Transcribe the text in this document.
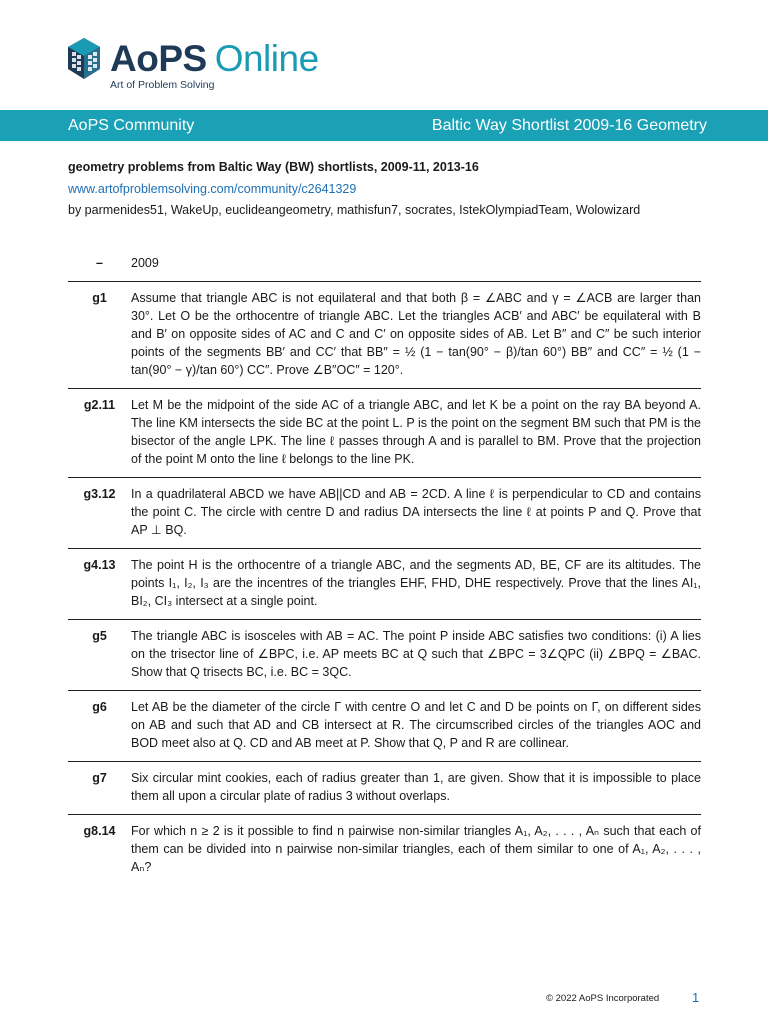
AoPS Online
Art of Problem Solving
AoPS Community	Baltic Way Shortlist 2009-16 Geometry
geometry problems from Baltic Way (BW) shortlists, 2009-11, 2013-16
www.artofproblemsolving.com/community/c2641329
by parmenides51, WakeUp, euclideangeometry, mathisfun7, socrates, IstekOlympiadTeam, Wolowizard
–	2009
g1	Assume that triangle ABC is not equilateral and that both β = ∠ABC and γ = ∠ACB are larger than 30°. Let O be the orthocentre of triangle ABC. Let the triangles ACB′ and ABC′ be equilateral with B and B′ on opposite sides of AC and C and C′ on opposite sides of AB. Let B″ and C″ be such interior points of the segments BB′ and CC′ that BB″ = ½ (1 − tan(90° − β)/tan 60°) BB″ and CC″ = ½ (1 − tan(90° − γ)/tan 60°) CC″. Prove ∠B″OC″ = 120°.
g2.11	Let M be the midpoint of the side AC of a triangle ABC, and let K be a point on the ray BA beyond A. The line KM intersects the side BC at the point L. P is the point on the segment BM such that PM is the bisector of the angle LPK. The line ℓ passes through A and is parallel to BM. Prove that the projection of the point M onto the line ℓ belongs to the line PK.
g3.12	In a quadrilateral ABCD we have AB||CD and AB = 2CD. A line ℓ is perpendicular to CD and contains the point C. The circle with centre D and radius DA intersects the line ℓ at points P and Q. Prove that AP ⊥ BQ.
g4.13	The point H is the orthocentre of a triangle ABC, and the segments AD, BE, CF are its altitudes. The points I₁, I₂, I₃ are the incentres of the triangles EHF, FHD, DHE respectively. Prove that the lines AI₁, BI₂, CI₃ intersect at a single point.
g5	The triangle ABC is isosceles with AB = AC. The point P inside ABC satisfies two conditions: (i) A lies on the trisector line of ∠BPC, i.e. AP meets BC at Q such that ∠BPC = 3∠QPC (ii) ∠BPQ = ∠BAC. Show that Q trisects BC, i.e. BC = 3QC.
g6	Let AB be the diameter of the circle Γ with centre O and let C and D be points on Γ, on different sides on AB and such that AD and CB intersect at R. The circumscribed circles of the triangles AOC and BOD meet also at Q. CD and AB meet at P. Show that Q, P and R are collinear.
g7	Six circular mint cookies, each of radius greater than 1, are given. Show that it is impossible to place them all upon a circular plate of radius 3 without overlaps.
g8.14	For which n ≥ 2 is it possible to find n pairwise non-similar triangles A₁, A₂, . . . , Aₙ such that each of them can be divided into n pairwise non-similar triangles, each of them similar to one of A₁, A₂, . . . , Aₙ?
© 2022 AoPS Incorporated	1
